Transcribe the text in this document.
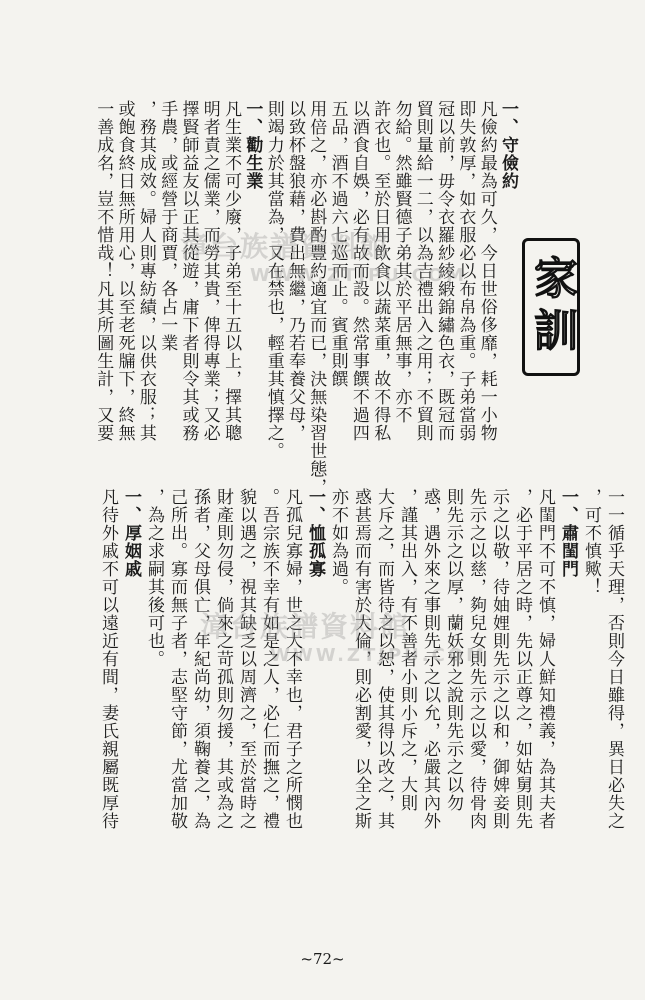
一、守儉約
凡儉約最為可久，今日世俗侈靡，耗一小物
即失敦厚，如衣服必以布帛為重。子弟當弱
冠以前，毋令衣羅紗綾緞錦繡色衣，既冠而
貿則量給一二，以為吉禮出入之用；不貿則
勿給。然雖賢德子弟其於平居無事，亦不
許衣也。至於日用飲食以蔬菜重，故不得私
以酒食自娛，必有故而設。然常事饌不過四
五品，酒不過六七巡而止。賓重則饌
用倍之，亦必斟酌豐約適宜而已，決無染習世態，
以致杯盤狼藉，費出無繼，乃若奉養父母，
則竭力於其當為，又在禁也，輕重其慎擇之。
一、勸生業
凡生業不可少廢，子弟至十五以上，擇其聰
明者責之儒業，而勞其貴，俾得專業；又必
擇賢師益友以正其從遊，庸下者則令其或務
手農，或經營于商賈，各占一業
，務其成效。婦人則專紡績，以供衣服；其
或飽食終日無所用心，以至老死牖下，終無
一善成名，豈不惜哉！凡其所圖生計，又要
一一循乎天理，否則今日雖得，異日必失之
，可不慎歟！
一、肅閨門
凡閨門不可不慎，婦人鮮知禮義，為其夫者
，必于平居之時，先以正尊之，如姑舅則先
示之以敬，待妯娌則先示之以和，御婢妾則
先示之以慈，夠兒女則先示之以愛，待骨肉
則先示之以厚，蘭妖邪之說則先示之以勿
惑，遇外來之事則先示之以允，必嚴其內外
，謹其出入，有不善者小則小斥之，大則
大斥之，而皆待之以恕，使其得以改之，其
惑甚焉而有害於大倫，則必割愛，以全之斯
亦不如為過。
一、恤孤寡
凡孤兒寡婦，世之大不幸也，君子之所憫也
。吾宗族不幸有如是之人，必仁而撫之，禮
貌以遇之，視其缺乏以周濟之，至於當時之
財產則勿侵，倘來之苛孤則勿援，其或為之
孫者，父母俱亡，年紀尚幼，須鞠養之，為
己所出。寡而無子者，志堅守節，尤當加敬
，為之求嗣其後可也。
一、厚姻戚
凡待外戚不可以遠近有間，妻氏親屬既厚待
家訓
漳台族譜資料館
WWW.ZTJPU.COM
漳台族譜資料館
WWW.ZTJPU.COM
~72~
